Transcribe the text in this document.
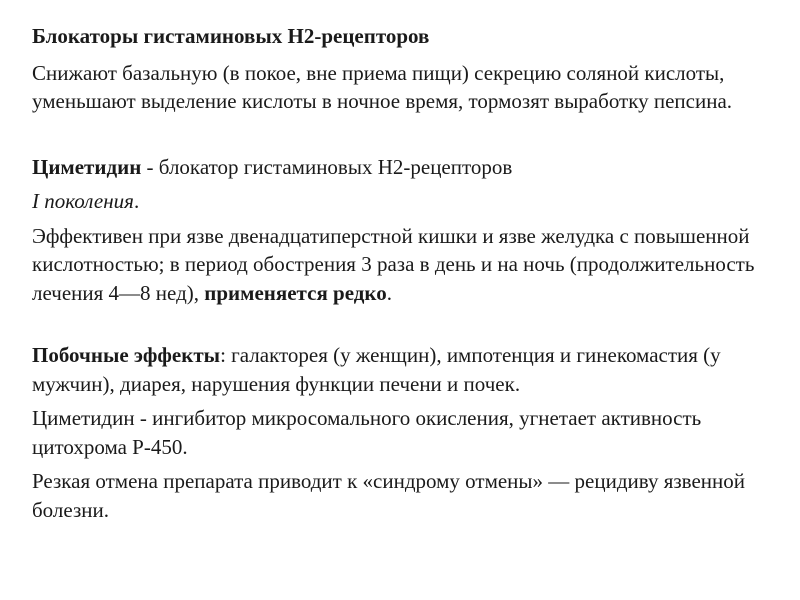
Блокаторы гистаминовых Н2-рецепторов

Снижают базальную (в покое, вне приема пищи) секрецию соляной кислоты, уменьшают выделение кислоты в ночное время, тормозят выработку пепсина.

Циметидин - блокатор гистаминовых Н2-рецепторов

I поколения.

Эффективен при язве двенадцатиперстной кишки и язве желудка с повышенной кислотностью; в период обострения 3 раза в день и на ночь (продолжительность лечения 4—8 нед), применяется редко.

Побочные эффекты: галакторея (у женщин), импотенция и гинекомастия (у мужчин), диарея, нарушения функции печени и почек.

Циметидин - ингибитор микросомального окисления, угнетает активность цитохрома Р-450.

Резкая отмена препарата приводит к «синдрому отмены» — рецидиву язвенной болезни.
